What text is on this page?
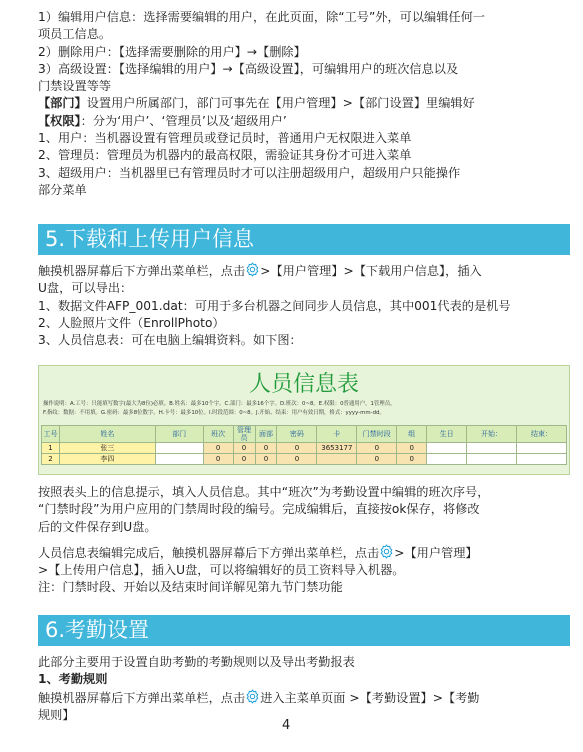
1）编辑用户信息：选择需要编辑的用户，在此页面，除“工号”外，可以编辑任何一

项员工信息。

2）删除用户：【选择需要删除的用户】→【删除】

3）高级设置：【选择编辑的用户】→【高级设置】，可编辑用户的班次信息以及

门禁设置等等

【部门】设置用户所属部门，部门可事先在【用户管理】>【部门设置】里编辑好

【权限】：分为‘用户’、‘管理员’以及‘超级用户’

1、用户：当机器设置有管理员或登记员时，普通用户无权限进入菜单

2、管理员：管理员为机器内的最高权限，需验证其身份才可进入菜单

3、超级用户：当机器里已有管理员时才可以注册超级用户，超级用户只能操作

部分菜单

5.下载和上传用户信息

触摸机器屏幕后下方弹出菜单栏，点击 >【用户管理】>【下载用户信息】，插入

U盘，可以导出：

1、数据文件AFP_001.dat：可用于多台机器之间同步人员信息，其中001代表的是机号

2、人脸照片文件（EnrollPhoto）

3、人员信息表：可在电脑上编辑资料。如下图：

人员信息表
操作说明：A.工号：只能填写数字(最大为8位)必填。B.姓名：最多10个字。C.部门：最多16个字。D.班次：0~8。E.权限：0普通用户，1管理员，
F.指纹：数据：不用填。G.密码：最多8位数字。H.卡号：最多10位。I.时段范围：0~8。J.开始、结束：用户有效日期，格式：yyyy-mm-dd。
工号	姓名	部门	班次	管理员	面部	密码	卡	门禁时段	组	生日	开始：	结束：
1	张三		0	0	0	0	3653177	0	0			
2	李四		0	0	0	0		0	0			

按照表头上的信息提示，填入人员信息。其中“班次”为考勤设置中编辑的班次序号，

“门禁时段”为用户应用的门禁周时段的编号。完成编辑后，直接按ok保存，将修改

后的文件保存到U盘。

人员信息表编辑完成后，触摸机器屏幕后下方弹出菜单栏，点击 >【用户管理】

>【上传用户信息】，插入U盘，可以将编辑好的员工资料导入机器。

注：门禁时段、开始以及结束时间详解见第九节门禁功能

6.考勤设置

此部分主要用于设置自助考勤的考勤规则以及导出考勤报表

1、考勤规则

触摸机器屏幕后下方弹出菜单栏，点击 进入主菜单页面 >【考勤设置】>【考勤

规则】

4
